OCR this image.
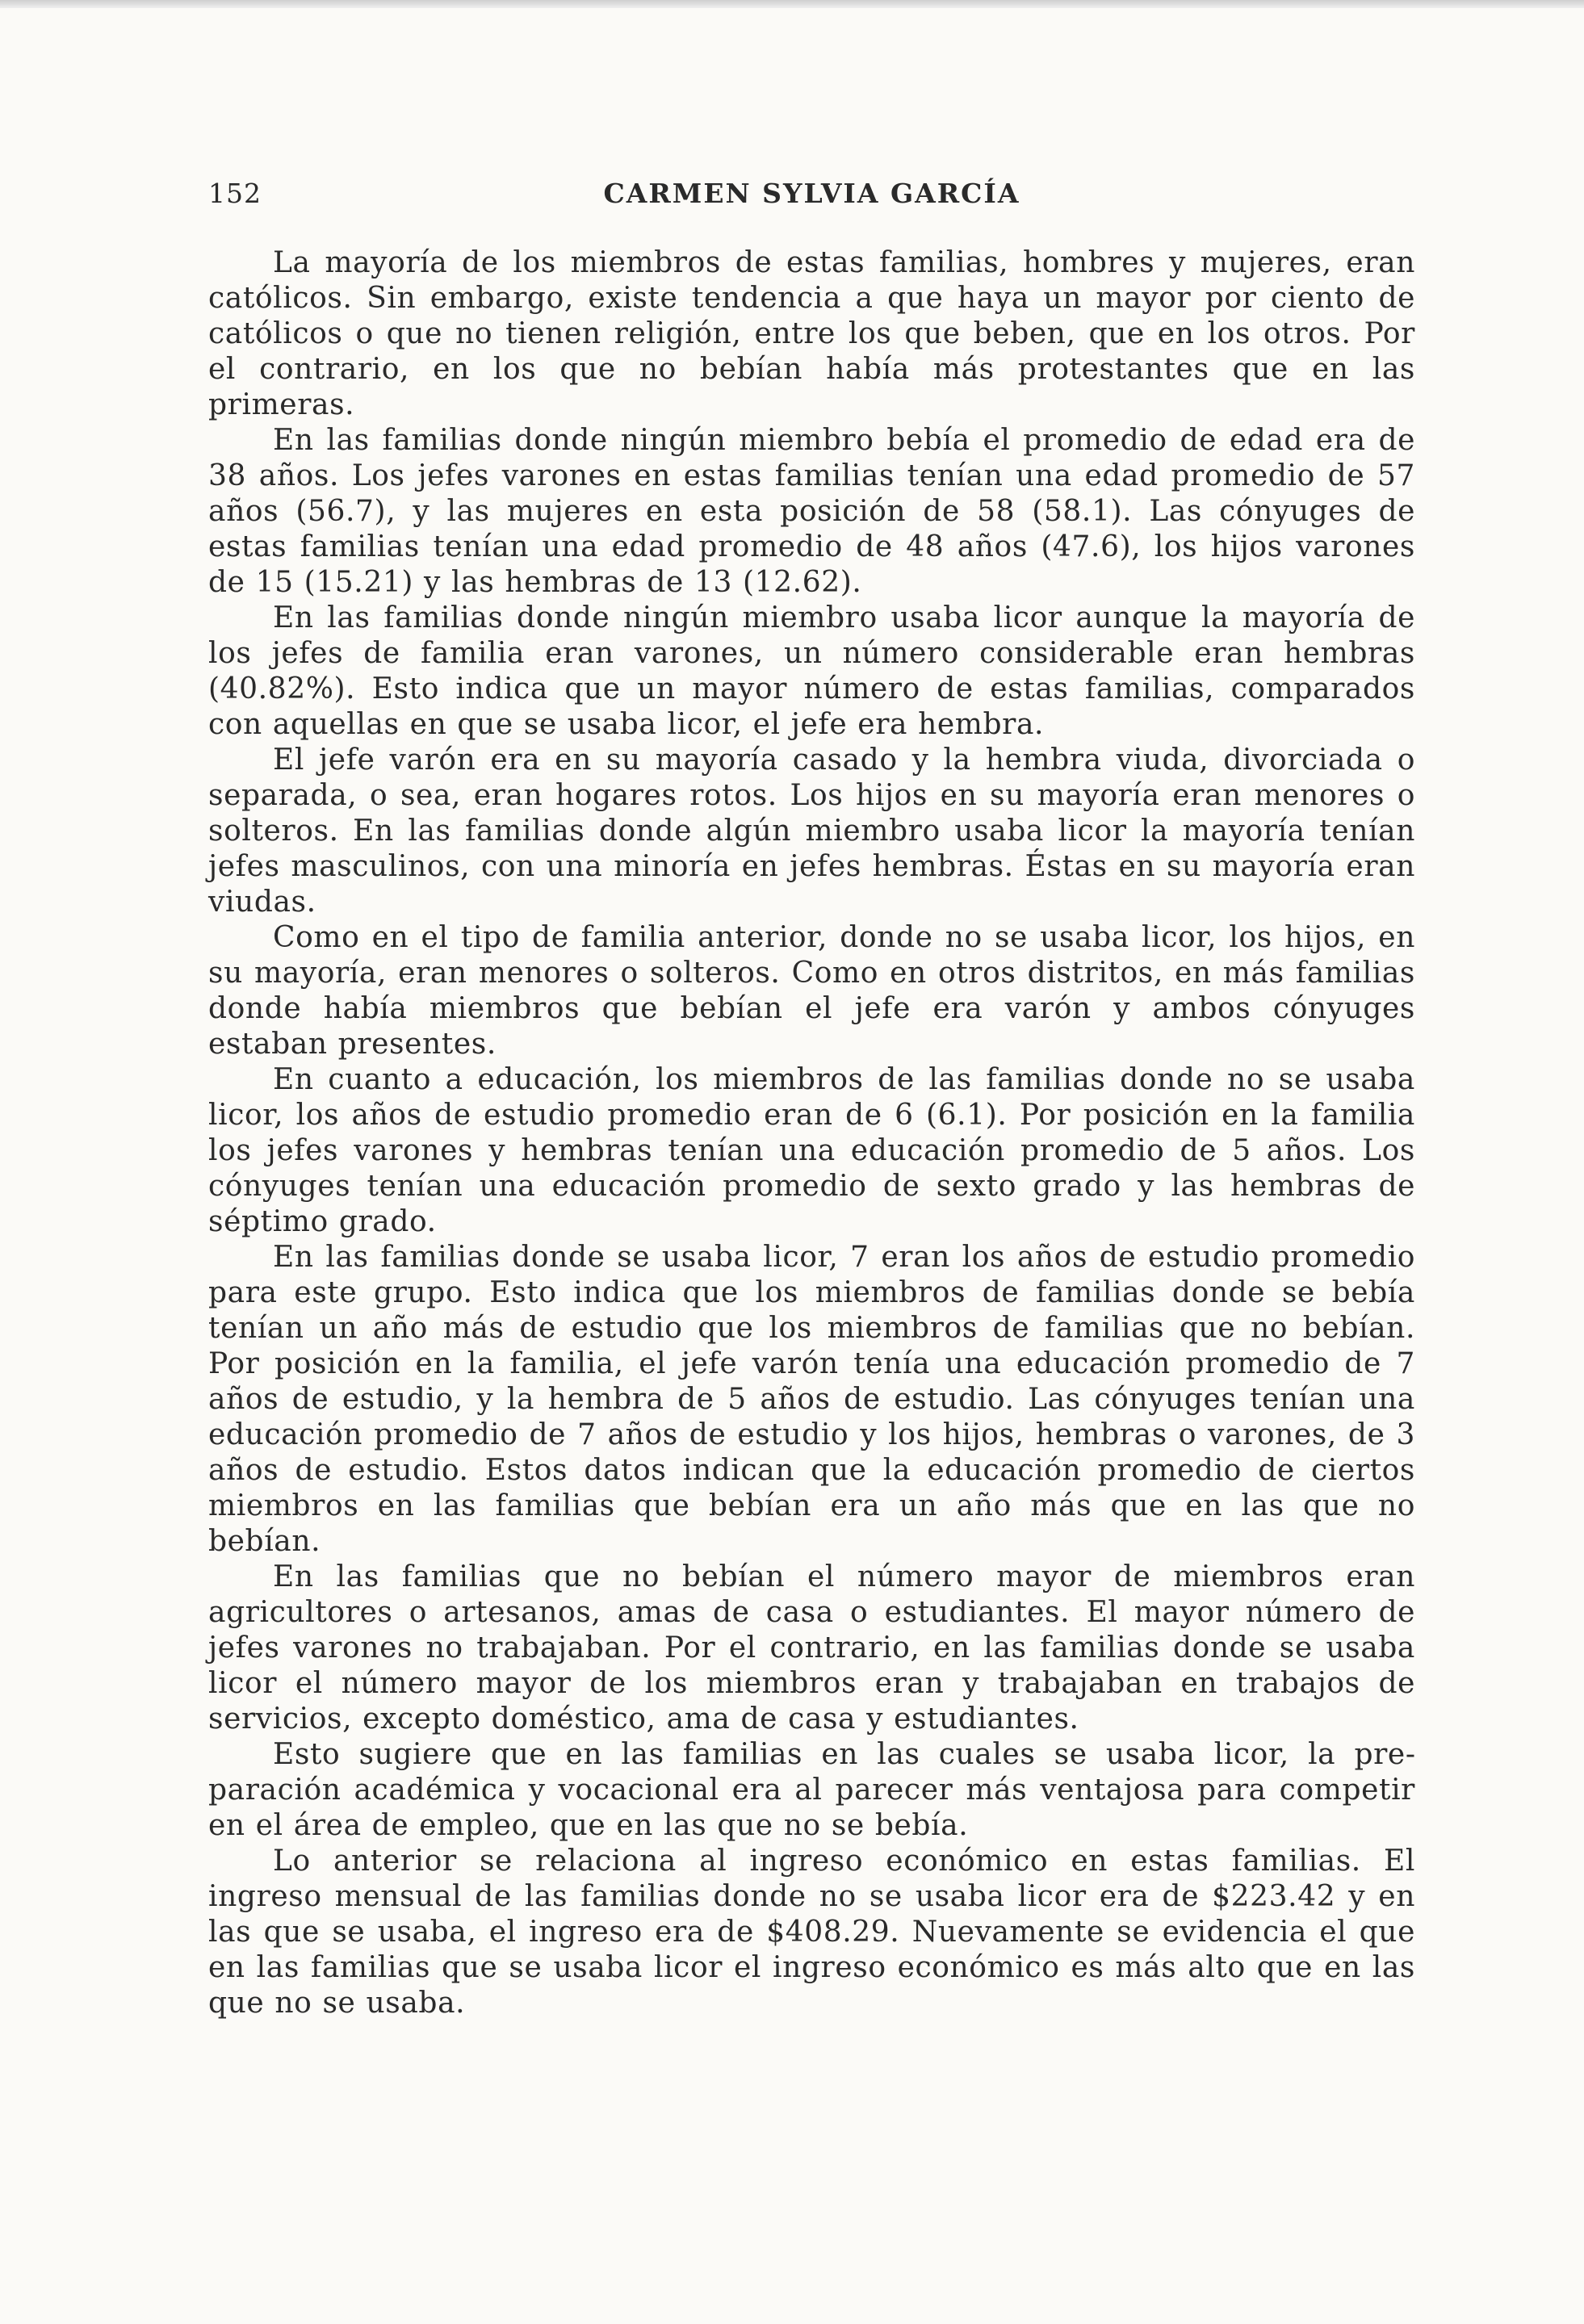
152	CARMEN SYLVIA GARCÍA

La mayoría de los miembros de estas familias, hombres y mujeres, eran católicos. Sin embargo, existe tendencia a que haya un mayor por ciento de católicos o que no tienen religión, entre los que beben, que en los otros. Por el contrario, en los que no bebían había más protestantes que en las primeras.

En las familias donde ningún miembro bebía el promedio de edad era de 38 años. Los jefes varones en estas familias tenían una edad promedio de 57 años (56.7), y las mujeres en esta posición de 58 (58.1). Las cónyuges de estas familias tenían una edad promedio de 48 años (47.6), los hijos varones de 15 (15.21) y las hembras de 13 (12.62).

En las familias donde ningún miembro usaba licor aunque la mayoría de los jefes de familia eran varones, un número considerable eran hembras (40.82%). Esto indica que un mayor número de estas familias, comparados con aquellas en que se usaba licor, el jefe era hembra.

El jefe varón era en su mayoría casado y la hembra viuda, divorciada o separada, o sea, eran hogares rotos. Los hijos en su mayoría eran menores o solteros. En las familias donde algún miembro usaba licor la mayoría tenían jefes masculinos, con una minoría en jefes hembras. Éstas en su mayoría eran viudas.

Como en el tipo de familia anterior, donde no se usaba licor, los hijos, en su mayoría, eran menores o solteros. Como en otros distritos, en más familias donde había miembros que bebían el jefe era varón y ambos cónyuges estaban presentes.

En cuanto a educación, los miembros de las familias donde no se usaba licor, los años de estudio promedio eran de 6 (6.1). Por posición en la familia los jefes varones y hembras tenían una educación promedio de 5 años. Los cónyuges tenían una educación promedio de sexto grado y las hembras de séptimo grado.

En las familias donde se usaba licor, 7 eran los años de estudio promedio para este grupo. Esto indica que los miembros de familias donde se bebía tenían un año más de estudio que los miembros de familias que no bebían. Por posición en la familia, el jefe varón tenía una educación promedio de 7 años de estudio, y la hembra de 5 años de estudio. Las cónyuges tenían una educación promedio de 7 años de estudio y los hijos, hembras o varones, de 3 años de estudio. Estos datos indican que la educación promedio de ciertos miembros en las familias que bebían era un año más que en las que no bebían.

En las familias que no bebían el número mayor de miembros eran agricultores o artesanos, amas de casa o estudiantes. El mayor número de jefes varones no trabajaban. Por el contrario, en las familias donde se usaba licor el número mayor de los miembros eran y trabajaban en trabajos de servicios, excepto doméstico, ama de casa y estudiantes.

Esto sugiere que en las familias en las cuales se usaba licor, la preparación académica y vocacional era al parecer más ventajosa para competir en el área de empleo, que en las que no se bebía.

Lo anterior se relaciona al ingreso económico en estas familias. El ingreso mensual de las familias donde no se usaba licor era de $223.42 y en las que se usaba, el ingreso era de $408.29. Nuevamente se evidencia el que en las familias que se usaba licor el ingreso económico es más alto que en las que no se usaba.
